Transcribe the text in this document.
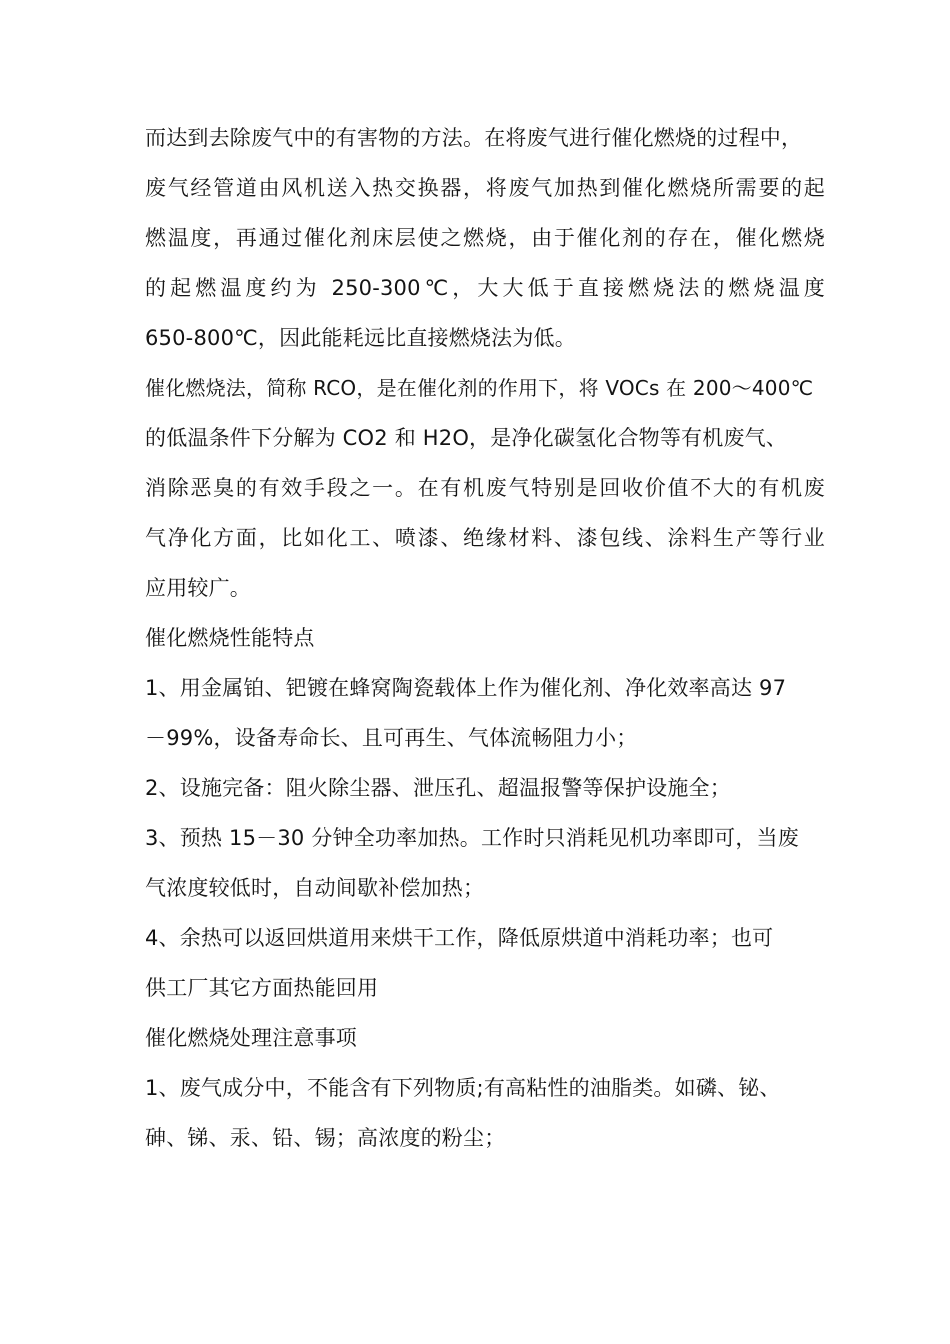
而达到去除废气中的有害物的方法。在将废气进行催化燃烧的过程中，
废气经管道由风机送入热交换器，将废气加热到催化燃烧所需要的起
燃温度，再通过催化剂床层使之燃烧，由于催化剂的存在，催化燃烧
的起燃温度约为 250-300℃，大大低于直接燃烧法的燃烧温度
650-800℃，因此能耗远比直接燃烧法为低。
催化燃烧法，简称 RCO，是在催化剂的作用下，将 VOCs 在 200～400℃
的低温条件下分解为 CO2 和 H2O，是净化碳氢化合物等有机废气、
消除恶臭的有效手段之一。在有机废气特别是回收价值不大的有机废
气净化方面，比如化工、喷漆、绝缘材料、漆包线、涂料生产等行业
应用较广。
催化燃烧性能特点
1、用金属铂、钯镀在蜂窝陶瓷载体上作为催化剂、净化效率高达 97
－99%，设备寿命长、且可再生、气体流畅阻力小；
2、设施完备：阻火除尘器、泄压孔、超温报警等保护设施全；
3、预热 15－30 分钟全功率加热。工作时只消耗见机功率即可，当废
气浓度较低时，自动间歇补偿加热；
4、余热可以返回烘道用来烘干工作，降低原烘道中消耗功率；也可
供工厂其它方面热能回用
催化燃烧处理注意事项
1、废气成分中，不能含有下列物质;有高粘性的油脂类。如磷、铋、
砷、锑、汞、铅、锡；高浓度的粉尘；
